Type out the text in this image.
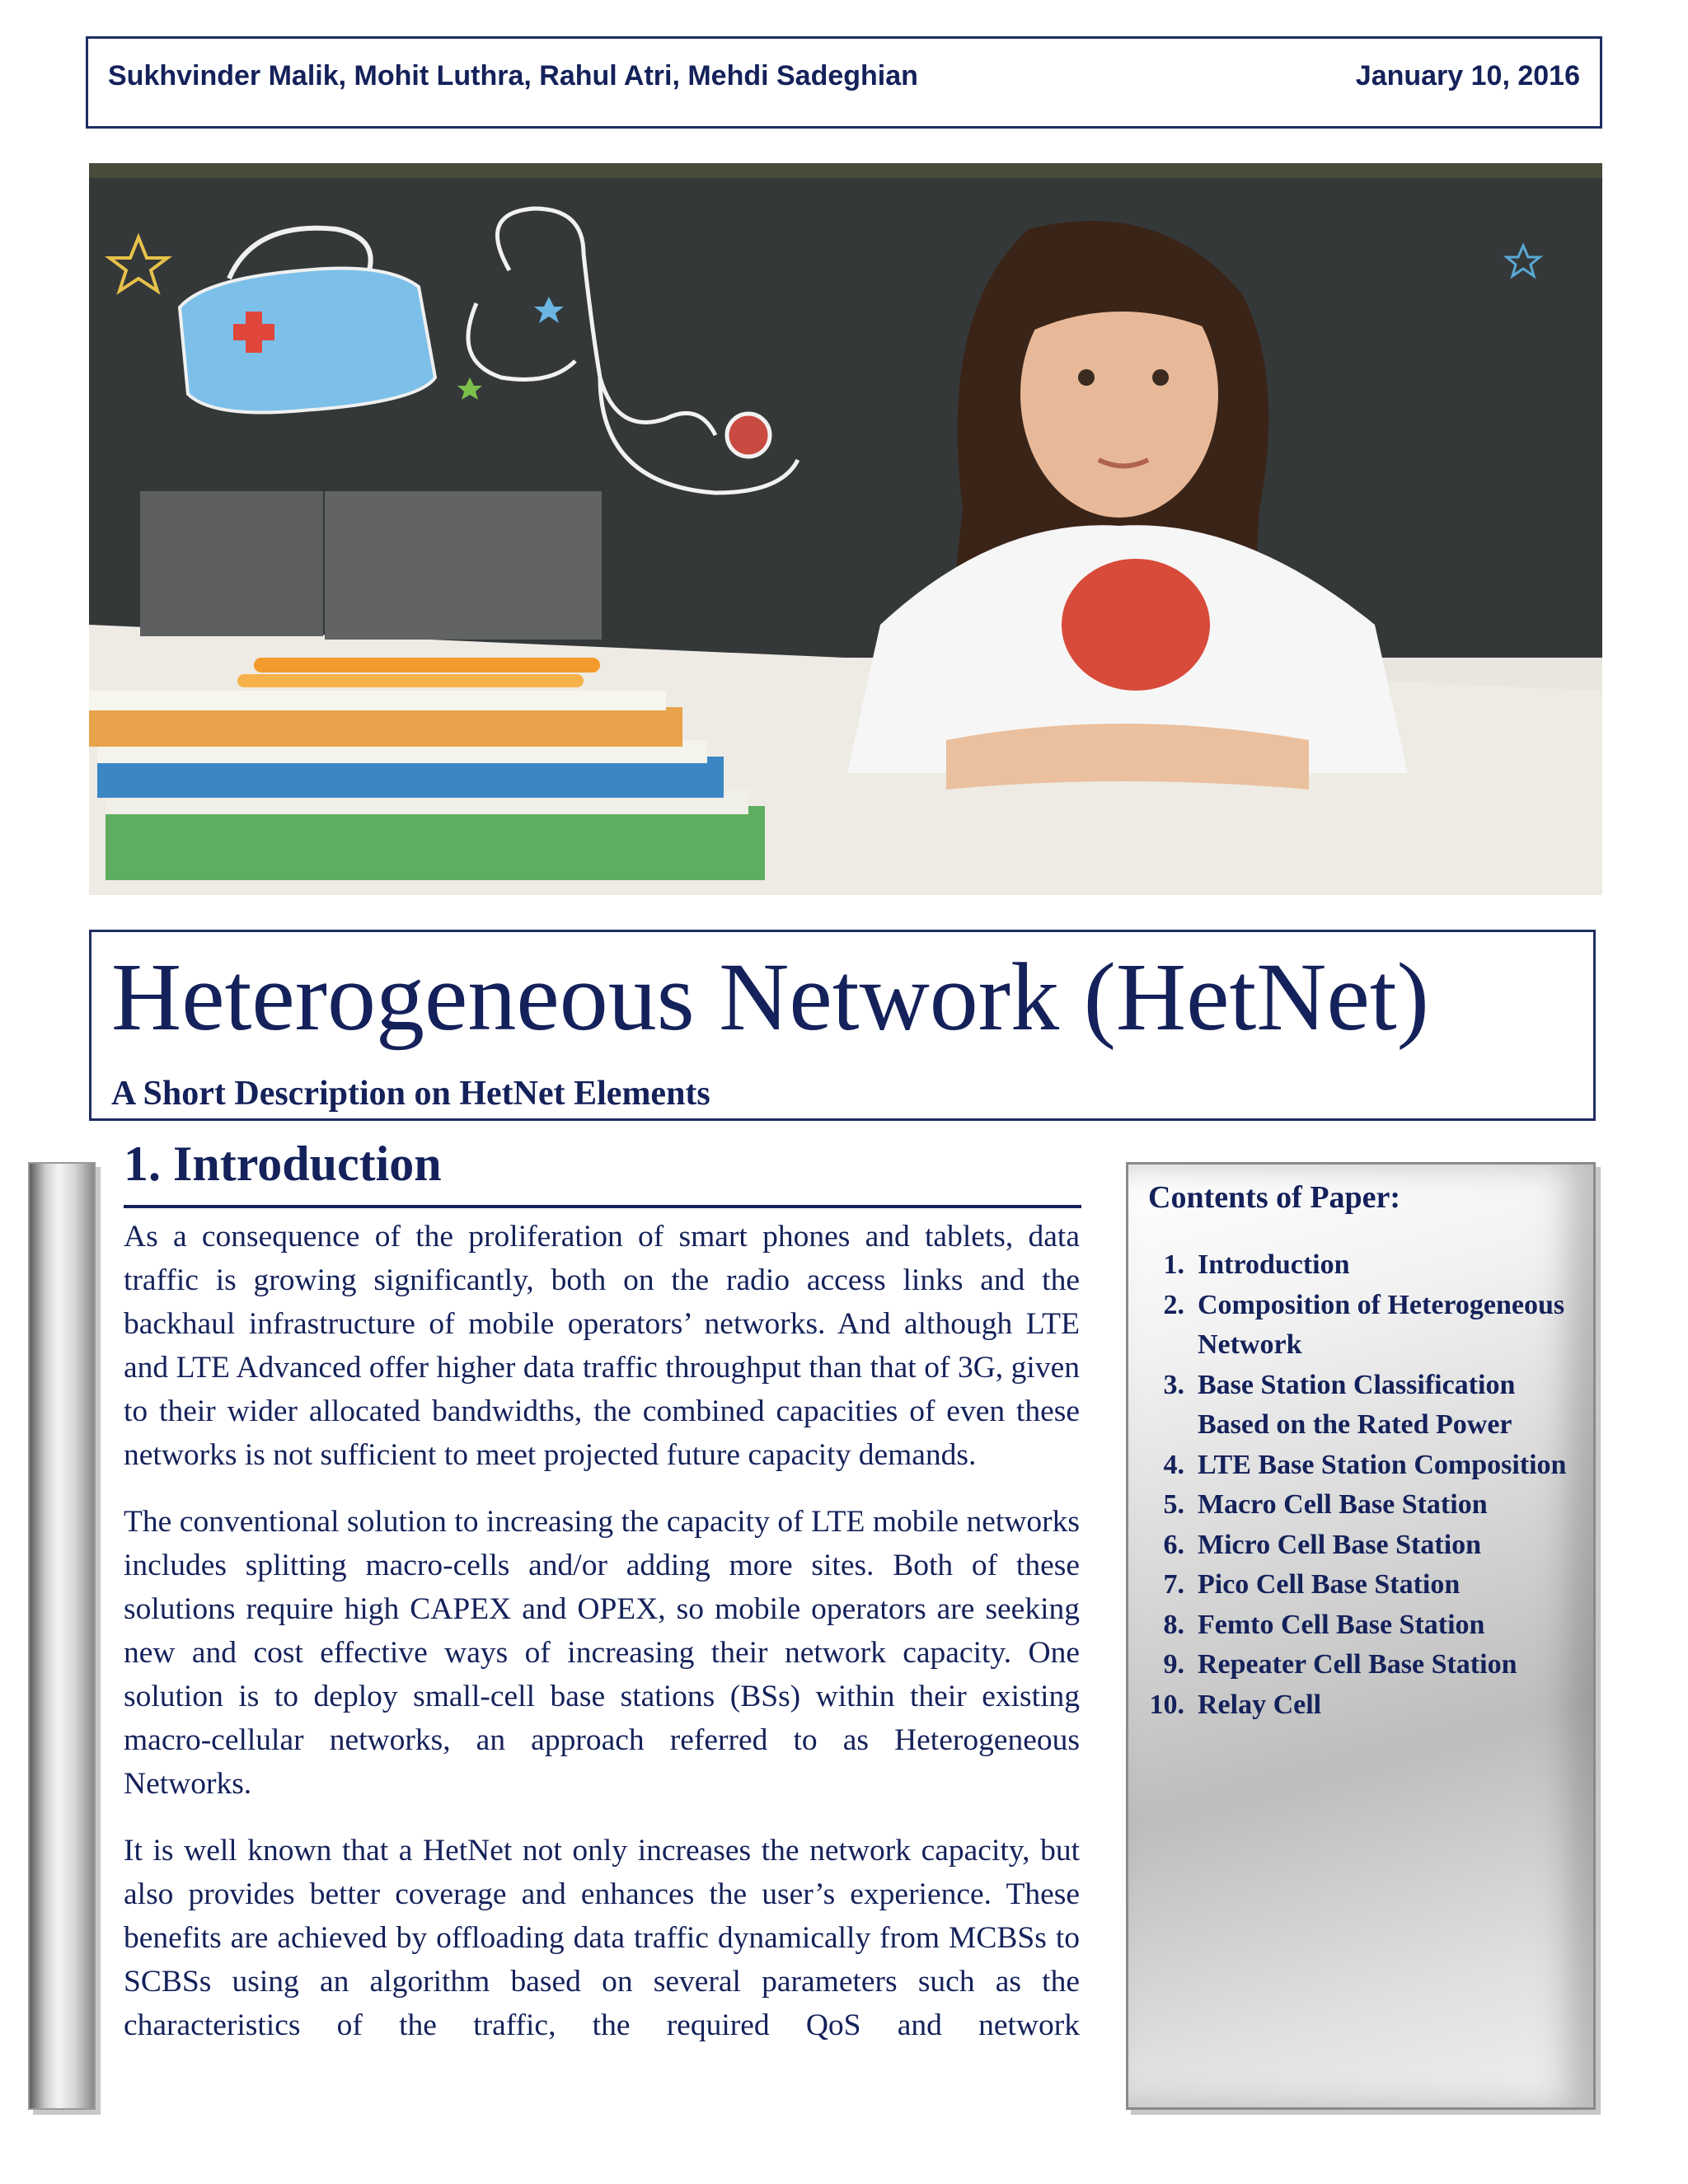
Sukhvinder Malik, Mohit Luthra, Rahul Atri, Mehdi Sadeghian	January 10, 2016
Heterogeneous Network (HetNet)
A Short Description on HetNet Elements
1. Introduction

As a consequence of the proliferation of smart phones and tablets, data traffic is growing significantly, both on the radio access links and the backhaul infrastructure of mobile operators’ networks. And although LTE and LTE Advanced offer higher data traffic throughput than that of 3G, given to their wider allocated bandwidths, the combined capacities of even these networks is not sufficient to meet projected future capacity demands.

The conventional solution to increasing the capacity of LTE mobile networks includes splitting macro-cells and/or adding more sites. Both of these solutions require high CAPEX and OPEX, so mobile operators are seeking new and cost effective ways of increasing their network capacity. One solution is to deploy small-cell base stations (BSs) within their existing macro-cellular networks, an approach referred to as Heterogeneous Networks.

It is well known that a HetNet not only increases the network capacity, but also provides better coverage and enhances the user’s experience. These benefits are achieved by offloading data traffic dynamically from MCBSs to SCBSs using an algorithm based on several parameters such as the characteristics of the traffic, the required QoS and network

Contents of Paper:
1. Introduction
2. Composition of Heterogeneous Network
3. Base Station Classification Based on the Rated Power
4. LTE Base Station Composition
5. Macro Cell Base Station
6. Micro Cell Base Station
7. Pico Cell Base Station
8. Femto Cell Base Station
9. Repeater Cell Base Station
10. Relay Cell
